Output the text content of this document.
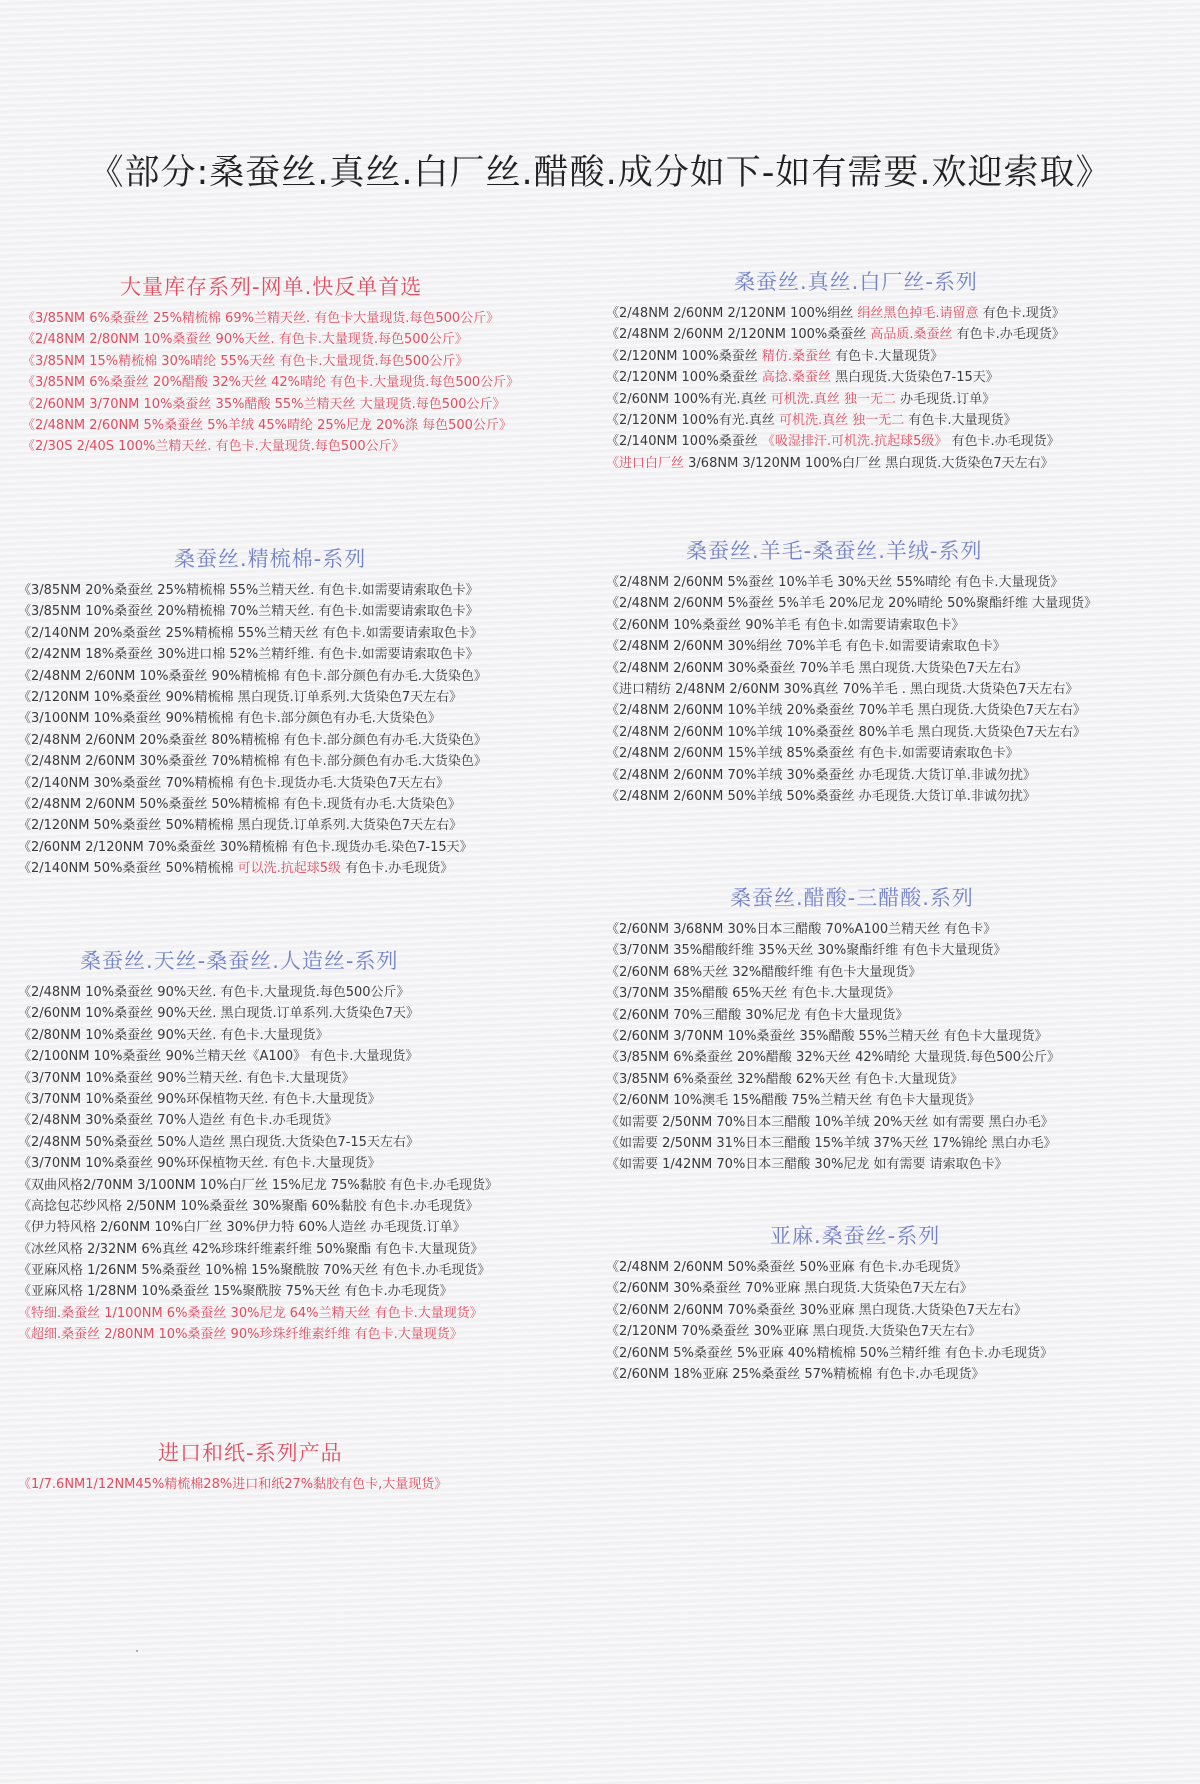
《部分:桑蚕丝.真丝.白厂丝.醋酸.成分如下-如有需要.欢迎索取》
大量库存系列-网单.快反单首选
《3/85NM 6%桑蚕丝 25%精梳棉 69%兰精天丝. 有色卡大量现货.每色500公斤》
《2/48NM 2/80NM 10%桑蚕丝 90%天丝. 有色卡.大量现货.每色500公斤》
《3/85NM 15%精梳棉 30%晴纶 55%天丝 有色卡.大量现货.每色500公斤》
《3/85NM 6%桑蚕丝 20%醋酸 32%天丝 42%晴纶 有色卡.大量现货.每色500公斤》
《2/60NM 3/70NM 10%桑蚕丝 35%醋酸 55%兰精天丝 大量现货.每色500公斤》
《2/48NM 2/60NM 5%桑蚕丝 5%羊绒 45%晴纶 25%尼龙 20%涤 每色500公斤》
《2/30S 2/40S 100%兰精天丝. 有色卡.大量现货.每色500公斤》
桑蚕丝.真丝.白厂丝-系列
《2/48NM 2/60NM 2/120NM 100%绢丝 绢丝黑色掉毛.请留意 有色卡.现货》
《2/48NM 2/60NM 2/120NM 100%桑蚕丝 高品质.桑蚕丝 有色卡.办毛现货》
《2/120NM 100%桑蚕丝 精仿.桑蚕丝 有色卡.大量现货》
《2/120NM 100%桑蚕丝 高捻.桑蚕丝 黑白现货.大货染色7-15天》
《2/60NM 100%有光.真丝 可机洗.真丝 独一无二 办毛现货.订单》
《2/120NM 100%有光.真丝 可机洗.真丝 独一无二 有色卡.大量现货》
《2/140NM 100%桑蚕丝 《吸湿排汗.可机洗.抗起球5级》 有色卡.办毛现货》
《进口白厂丝 3/68NM 3/120NM 100%白厂丝 黑白现货.大货染色7天左右》
桑蚕丝.精梳棉-系列
《3/85NM 20%桑蚕丝 25%精梳棉 55%兰精天丝. 有色卡.如需要请索取色卡》
《3/85NM 10%桑蚕丝 20%精梳棉 70%兰精天丝. 有色卡.如需要请索取色卡》
《2/140NM 20%桑蚕丝 25%精梳棉 55%兰精天丝 有色卡.如需要请索取色卡》
《2/42NM 18%桑蚕丝 30%进口棉 52%兰精纤维. 有色卡.如需要请索取色卡》
《2/48NM 2/60NM 10%桑蚕丝 90%精梳棉 有色卡.部分颜色有办毛.大货染色》
《2/120NM 10%桑蚕丝 90%精梳棉 黑白现货.订单系列.大货染色7天左右》
《3/100NM 10%桑蚕丝 90%精梳棉 有色卡.部分颜色有办毛.大货染色》
《2/48NM 2/60NM 20%桑蚕丝 80%精梳棉 有色卡.部分颜色有办毛.大货染色》
《2/48NM 2/60NM 30%桑蚕丝 70%精梳棉 有色卡.部分颜色有办毛.大货染色》
《2/140NM 30%桑蚕丝 70%精梳棉 有色卡.现货办毛.大货染色7天左右》
《2/48NM 2/60NM 50%桑蚕丝 50%精梳棉 有色卡.现货有办毛.大货染色》
《2/120NM 50%桑蚕丝 50%精梳棉 黑白现货.订单系列.大货染色7天左右》
《2/60NM 2/120NM 70%桑蚕丝 30%精梳棉 有色卡.现货办毛.染色7-15天》
《2/140NM 50%桑蚕丝 50%精梳棉 可以洗.抗起球5级 有色卡.办毛现货》
桑蚕丝.羊毛-桑蚕丝.羊绒-系列
《2/48NM 2/60NM 5%蚕丝 10%羊毛 30%天丝 55%晴纶 有色卡.大量现货》
《2/48NM 2/60NM 5%蚕丝 5%羊毛 20%尼龙 20%晴纶 50%聚酯纤维 大量现货》
《2/60NM 10%桑蚕丝 90%羊毛 有色卡.如需要请索取色卡》
《2/48NM 2/60NM 30%绢丝 70%羊毛 有色卡.如需要请索取色卡》
《2/48NM 2/60NM 30%桑蚕丝 70%羊毛 黑白现货.大货染色7天左右》
《进口精纺 2/48NM 2/60NM 30%真丝 70%羊毛 . 黑白现货.大货染色7天左右》
《2/48NM 2/60NM 10%羊绒 20%桑蚕丝 70%羊毛 黑白现货.大货染色7天左右》
《2/48NM 2/60NM 10%羊绒 10%桑蚕丝 80%羊毛 黑白现货.大货染色7天左右》
《2/48NM 2/60NM 15%羊绒 85%桑蚕丝 有色卡.如需要请索取色卡》
《2/48NM 2/60NM 70%羊绒 30%桑蚕丝 办毛现货.大货订单.非诚勿扰》
《2/48NM 2/60NM 50%羊绒 50%桑蚕丝 办毛现货.大货订单.非诚勿扰》
桑蚕丝.天丝-桑蚕丝.人造丝-系列
《2/48NM 10%桑蚕丝 90%天丝. 有色卡.大量现货.每色500公斤》
《2/60NM 10%桑蚕丝 90%天丝. 黑白现货.订单系列.大货染色7天》
《2/80NM 10%桑蚕丝 90%天丝. 有色卡.大量现货》
《2/100NM 10%桑蚕丝 90%兰精天丝《A100》 有色卡.大量现货》
《3/70NM 10%桑蚕丝 90%兰精天丝. 有色卡.大量现货》
《3/70NM 10%桑蚕丝 90%环保植物天丝. 有色卡.大量现货》
《2/48NM 30%桑蚕丝 70%人造丝 有色卡.办毛现货》
《2/48NM 50%桑蚕丝 50%人造丝 黑白现货.大货染色7-15天左右》
《3/70NM 10%桑蚕丝 90%环保植物天丝. 有色卡.大量现货》
《双曲风格2/70NM 3/100NM 10%白厂丝 15%尼龙 75%黏胶 有色卡.办毛现货》
《高捻包芯纱风格 2/50NM 10%桑蚕丝 30%聚酯 60%黏胶 有色卡.办毛现货》
《伊力特风格 2/60NM 10%白厂丝 30%伊力特 60%人造丝 办毛现货.订单》
《冰丝风格 2/32NM 6%真丝 42%珍珠纤维素纤维 50%聚酯 有色卡.大量现货》
《亚麻风格 1/26NM 5%桑蚕丝 10%棉 15%聚酰胺 70%天丝 有色卡.办毛现货》
《亚麻风格 1/28NM 10%桑蚕丝 15%聚酰胺 75%天丝 有色卡.办毛现货》
《特细.桑蚕丝 1/100NM 6%桑蚕丝 30%尼龙 64%兰精天丝 有色卡.大量现货》
《超细.桑蚕丝 2/80NM 10%桑蚕丝 90%珍珠纤维素纤维 有色卡.大量现货》
桑蚕丝.醋酸-三醋酸.系列
《2/60NM 3/68NM 30%日本三醋酸 70%A100兰精天丝 有色卡》
《3/70NM 35%醋酸纤维 35%天丝 30%聚酯纤维 有色卡大量现货》
《2/60NM 68%天丝 32%醋酸纤维 有色卡大量现货》
《3/70NM 35%醋酸 65%天丝 有色卡.大量现货》
《2/60NM 70%三醋酸 30%尼龙 有色卡大量现货》
《2/60NM 3/70NM 10%桑蚕丝 35%醋酸 55%兰精天丝 有色卡大量现货》
《3/85NM 6%桑蚕丝 20%醋酸 32%天丝 42%晴纶 大量现货.每色500公斤》
《3/85NM 6%桑蚕丝 32%醋酸 62%天丝 有色卡.大量现货》
《2/60NM 10%澳毛 15%醋酸 75%兰精天丝 有色卡大量现货》
《如需要 2/50NM 70%日本三醋酸 10%羊绒 20%天丝 如有需要 黑白办毛》
《如需要 2/50NM 31%日本三醋酸 15%羊绒 37%天丝 17%锦纶 黑白办毛》
《如需要 1/42NM 70%日本三醋酸 30%尼龙 如有需要 请索取色卡》
亚麻.桑蚕丝-系列
《2/48NM 2/60NM 50%桑蚕丝 50%亚麻 有色卡.办毛现货》
《2/60NM 30%桑蚕丝 70%亚麻 黑白现货.大货染色7天左右》
《2/60NM 2/60NM 70%桑蚕丝 30%亚麻 黑白现货.大货染色7天左右》
《2/120NM 70%桑蚕丝 30%亚麻 黑白现货.大货染色7天左右》
《2/60NM 5%桑蚕丝 5%亚麻 40%精梳棉 50%兰精纤维 有色卡.办毛现货》
《2/60NM 18%亚麻 25%桑蚕丝 57%精梳棉 有色卡.办毛现货》
进口和纸-系列产品
《1/7.6NM1/12NM45%精梳棉28%进口和纸27%黏胶有色卡,大量现货》
